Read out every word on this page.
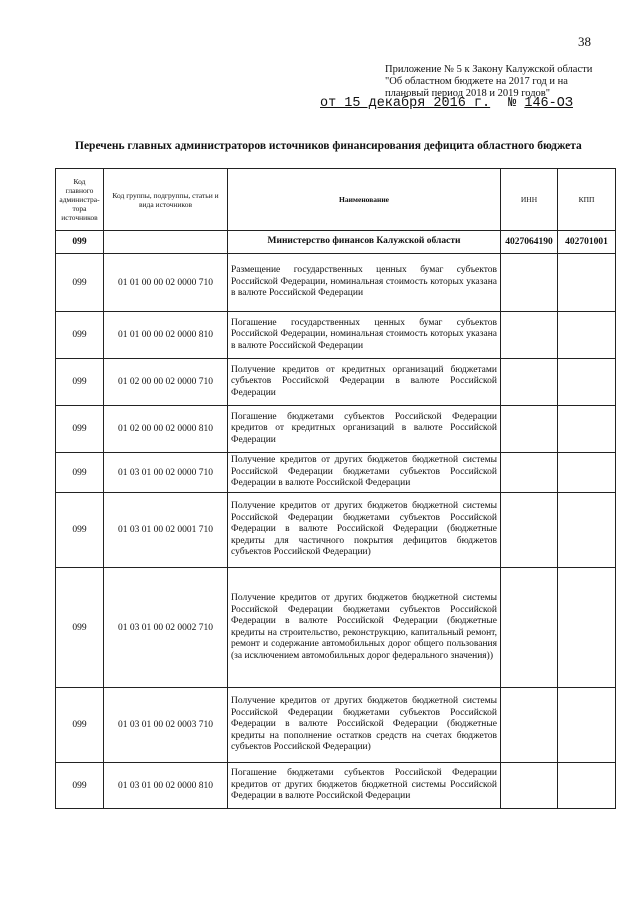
38
Приложение № 5 к Закону Калужской области "Об областном бюджете на 2017 год и на плановый период 2018 и 2019 годов"
от 15 декабря 2016 г. № 146-ОЗ
Перечень главных администраторов источников финансирования дефицита областного бюджета
Код главного администра-тора источников	Код группы, подгруппы, статьи и вида источников	Наименование	ИНН	КПП
099		Министерство финансов Калужской области	4027064190	402701001
099	01 01 00 00 02 0000 710	Размещение государственных ценных бумаг субъектов Российской Федерации, номинальная стоимость которых указана в валюте Российской Федерации		
099	01 01 00 00 02 0000 810	Погашение государственных ценных бумаг субъектов Российской Федерации, номинальная стоимость которых указана в валюте Российской Федерации		
099	01 02 00 00 02 0000 710	Получение кредитов от кредитных организаций бюджетами субъектов Российской Федерации в валюте Российской Федерации		
099	01 02 00 00 02 0000 810	Погашение бюджетами субъектов Российской Федерации кредитов от кредитных организаций в валюте Российской Федерации		
099	01 03 01 00 02 0000 710	Получение кредитов от других бюджетов бюджетной системы Российской Федерации бюджетами субъектов Российской Федерации в валюте Российской Федерации		
099	01 03 01 00 02 0001 710	Получение кредитов от других бюджетов бюджетной системы Российской Федерации бюджетами субъектов Российской Федерации в валюте Российской Федерации (бюджетные кредиты для частичного покрытия дефицитов бюджетов субъектов Российской Федерации)		
099	01 03 01 00 02 0002 710	Получение кредитов от других бюджетов бюджетной системы Российской Федерации бюджетами субъектов Российской Федерации в валюте Российской Федерации (бюджетные кредиты на строительство, реконструкцию, капитальный ремонт, ремонт и содержание автомобильных дорог общего пользования (за исключением автомобильных дорог федерального значения))		
099	01 03 01 00 02 0003 710	Получение кредитов от других бюджетов бюджетной системы Российской Федерации бюджетами субъектов Российской Федерации в валюте Российской Федерации (бюджетные кредиты на пополнение остатков средств на счетах бюджетов субъектов Российской Федерации)		
099	01 03 01 00 02 0000 810	Погашение бюджетами субъектов Российской Федерации кредитов от других бюджетов бюджетной системы Российской Федерации в валюте Российской Федерации		
